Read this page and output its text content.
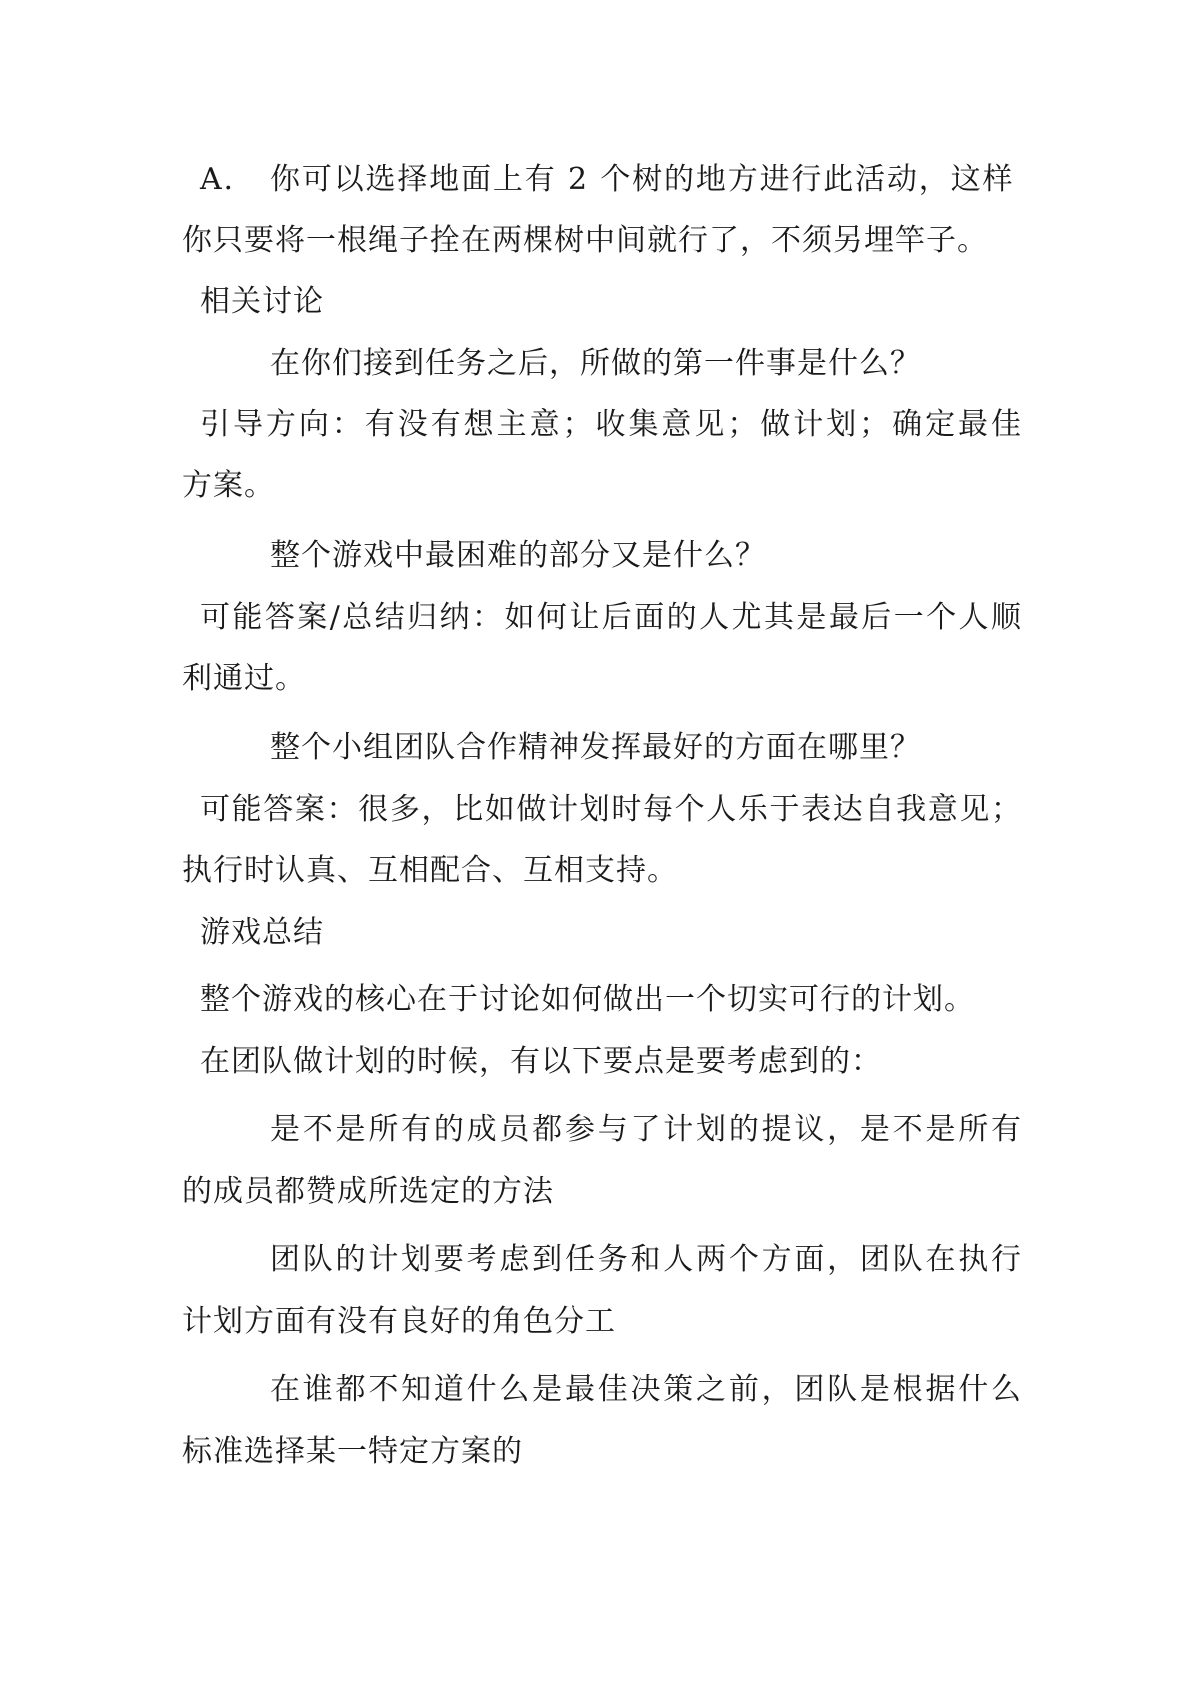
A. 你可以选择地面上有 2 个树的地方进行此活动，这样
你只要将一根绳子拴在两棵树中间就行了，不须另埋竿子。
相关讨论
在你们接到任务之后，所做的第一件事是什么？
引导方向：有没有想主意；收集意见；做计划；确定最佳
方案。
整个游戏中最困难的部分又是什么？
可能答案/总结归纳：如何让后面的人尤其是最后一个人顺
利通过。
整个小组团队合作精神发挥最好的方面在哪里？
可能答案：很多，比如做计划时每个人乐于表达自我意见；
执行时认真、互相配合、互相支持。
游戏总结
整个游戏的核心在于讨论如何做出一个切实可行的计划。
在团队做计划的时候，有以下要点是要考虑到的：
是不是所有的成员都参与了计划的提议，是不是所有
的成员都赞成所选定的方法
团队的计划要考虑到任务和人两个方面，团队在执行
计划方面有没有良好的角色分工
在谁都不知道什么是最佳决策之前，团队是根据什么
标准选择某一特定方案的
